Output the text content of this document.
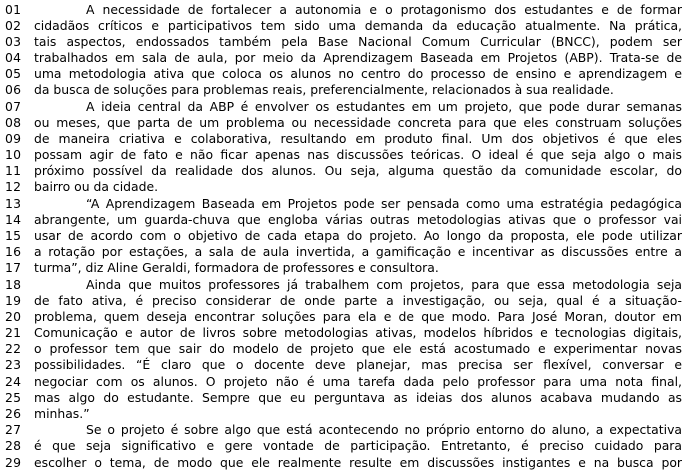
01	A necessidade de fortalecer a autonomia e o protagonismo dos estudantes e de formar
02 cidadãos críticos e participativos tem sido uma demanda da educação atualmente. Na prática,
03 tais aspectos, endossados também pela Base Nacional Comum Curricular (BNCC), podem ser
04 trabalhados em sala de aula, por meio da Aprendizagem Baseada em Projetos (ABP). Trata-se de
05 uma metodologia ativa que coloca os alunos no centro do processo de ensino e aprendizagem e
06 da busca de soluções para problemas reais, preferencialmente, relacionados à sua realidade.
07	A ideia central da ABP é envolver os estudantes em um projeto, que pode durar semanas
08 ou meses, que parta de um problema ou necessidade concreta para que eles construam soluções
09 de maneira criativa e colaborativa, resultando em produto final. Um dos objetivos é que eles
10 possam agir de fato e não ficar apenas nas discussões teóricas. O ideal é que seja algo o mais
11 próximo possível da realidade dos alunos. Ou seja, alguma questão da comunidade escolar, do
12 bairro ou da cidade.
13	“A Aprendizagem Baseada em Projetos pode ser pensada como uma estratégia pedagógica
14 abrangente, um guarda-chuva que engloba várias outras metodologias ativas que o professor vai
15 usar de acordo com o objetivo de cada etapa do projeto. Ao longo da proposta, ele pode utilizar
16 a rotação por estações, a sala de aula invertida, a gamificação e incentivar as discussões entre a
17 turma”, diz Aline Geraldi, formadora de professores e consultora.
18	Ainda que muitos professores já trabalhem com projetos, para que essa metodologia seja
19 de fato ativa, é preciso considerar de onde parte a investigação, ou seja, qual é a situação-
20 problema, quem deseja encontrar soluções para ela e de que modo. Para José Moran, doutor em
21 Comunicação e autor de livros sobre metodologias ativas, modelos híbridos e tecnologias digitais,
22 o professor tem que sair do modelo de projeto que ele está acostumado e experimentar novas
23 possibilidades. “É claro que o docente deve planejar, mas precisa ser flexível, conversar e
24 negociar com os alunos. O projeto não é uma tarefa dada pelo professor para uma nota final,
25 mas algo do estudante. Sempre que eu perguntava as ideias dos alunos acabava mudando as
26 minhas.”
27	Se o projeto é sobre algo que está acontecendo no próprio entorno do aluno, a expectativa
28 é que seja significativo e gere vontade de participação. Entretanto, é preciso cuidado para
29 escolher o tema, de modo que ele realmente resulte em discussões instigantes e na busca por
